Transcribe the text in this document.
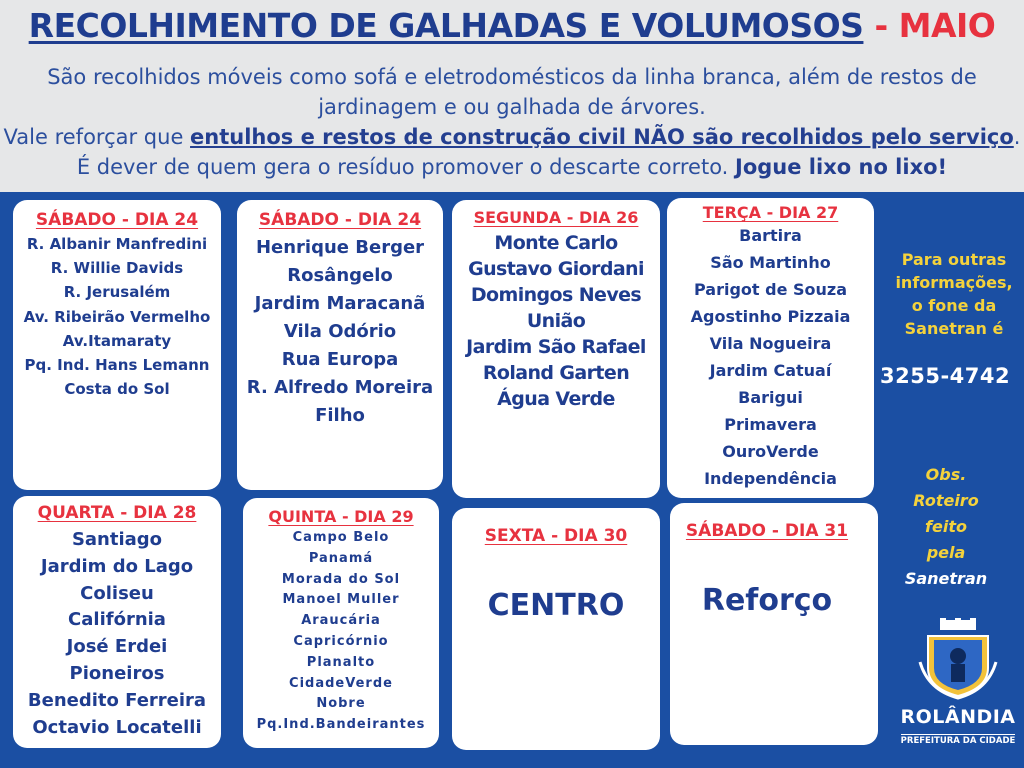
RECOLHIMENTO DE GALHADAS E VOLUMOSOS - MAIO

São recolhidos móveis como sofá e eletrodomésticos da linha branca, além de restos de

jardinagem e ou galhada de árvores.

Vale reforçar que entulhos e restos de construção civil NÃO são recolhidos pelo serviço.

É dever de quem gera o resíduo promover o descarte correto. Jogue lixo no lixo!

SÁBADO - DIA 24
R. Albanir Manfredini
R. Willie Davids
R. Jerusalém
Av. Ribeirão Vermelho
Av.Itamaraty
Pq. Ind. Hans Lemann
Costa do Sol
SÁBADO - DIA 24
Henrique Berger
Rosângelo
Jardim Maracanã
Vila Odório
Rua Europa
R. Alfredo Moreira
Filho
SEGUNDA - DIA 26
Monte Carlo
Gustavo Giordani
Domingos Neves
União
Jardim São Rafael
Roland Garten
Água Verde
TERÇA - DIA 27
Bartira
São Martinho
Parigot de Souza
Agostinho Pizzaia
Vila Nogueira
Jardim Catuaí
Barigui
Primavera
OuroVerde
Independência
QUARTA - DIA 28
Santiago
Jardim do Lago
Coliseu
Califórnia
José Erdei
Pioneiros
Benedito Ferreira
Octavio Locatelli
QUINTA - DIA 29
Campo Belo
Panamá
Morada do Sol
Manoel Muller
Araucária
Capricórnio
Planalto
CidadeVerde
Nobre
Pq.Ind.Bandeirantes
SEXTA - DIA 30
CENTRO
SÁBADO - DIA 31
Reforço
Para outras
informações,
o fone da
Sanetran é
3255-4742
Obs.
Roteiro
feito
pela
Sanetran
ROLÂNDIA
PREFEITURA DA CIDADE
